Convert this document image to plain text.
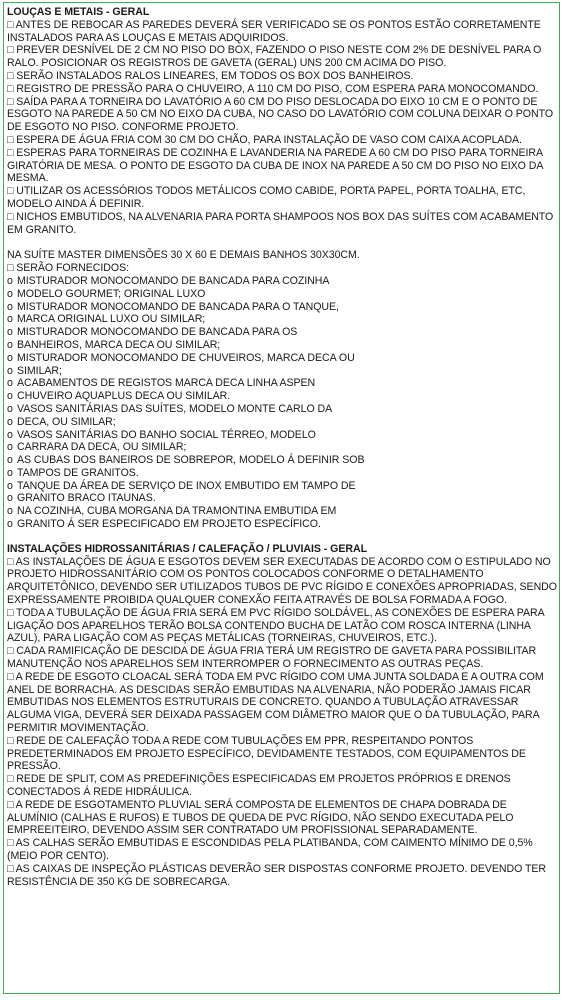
LOUÇAS E METAIS - GERAL
□ ANTES DE REBOCAR AS PAREDES DEVERÁ SER VERIFICADO SE OS PONTOS ESTÃO CORRETAMENTE INSTALADOS PARA AS LOUÇAS E METAIS ADQUIRIDOS.
□ PREVER DESNÍVEL DE 2 CM NO PISO DO BOX, FAZENDO O PISO NESTE COM 2% DE DESNÍVEL PARA O RALO. POSICIONAR OS REGISTROS DE GAVETA (GERAL) UNS 200 CM ACIMA DO PISO.
□ SERÃO INSTALADOS RALOS LINEARES, EM TODOS OS BOX DOS BANHEIROS.
□ REGISTRO DE PRESSÃO PARA O CHUVEIRO, A 110 CM DO PISO, COM ESPERA PARA MONOCOMANDO.
□ SAÍDA PARA A TORNEIRA DO LAVATÓRIO A 60 CM DO PISO DESLOCADA DO EIXO 10 CM E O PONTO DE ESGOTO NA PAREDE A 50 CM NO EIXO DA CUBA, NO CASO DO LAVATÓRIO COM COLUNA DEIXAR O PONTO DE ESGOTO NO PISO. CONFORME PROJETO.
□ ESPERA DE ÁGUA FRIA COM 30 CM DO CHÃO, PARA INSTALAÇÃO DE VASO COM CAIXA ACOPLADA.
□ ESPERAS PARA TORNEIRAS DE COZINHA E LAVANDERIA NA PAREDE A 60 CM DO PISO PARA TORNEIRA GIRATÓRIA DE MESA. O PONTO DE ESGOTO DA CUBA DE INOX NA PAREDE A 50 CM DO PISO NO EIXO DA MESMA.
□ UTILIZAR OS ACESSÓRIOS TODOS METÁLICOS COMO CABIDE, PORTA PAPEL, PORTA TOALHA, ETC, MODELO AINDA Á DEFINIR.
□ NICHOS EMBUTIDOS, NA ALVENARIA PARA PORTA SHAMPOOS NOS BOX DAS SUÍTES COM ACABAMENTO EM GRANITO.
NA SUÍTE MASTER DIMENSÕES 30 X 60 E DEMAIS BANHOS 30X30CM.
□ SERÃO FORNECIDOS:
o MISTURADOR MONOCOMANDO DE BANCADA PARA COZINHA
o MODELO GOURMET; ORIGINAL LUXO
o MISTURADOR MONOCOMANDO DE BANCADA PARA O TANQUE,
o MARCA ORIGINAL LUXO OU SIMILAR;
o MISTURADOR MONOCOMANDO DE BANCADA PARA OS
o BANHEIROS, MARCA DECA OU SIMILAR;
o MISTURADOR MONOCOMANDO DE CHUVEIROS, MARCA DECA OU
o SIMILAR;
o ACABAMENTOS DE REGISTOS MARCA DECA LINHA ASPEN
o CHUVEIRO AQUAPLUS DECA OU SIMILAR.
o VASOS SANITÁRIAS DAS SUÍTES, MODELO MONTE CARLO DA
o DECA, OU SIMILAR;
o VASOS SANITÁRIAS DO BANHO SOCIAL TÉRREO, MODELO
o CARRARA DA DECA, OU SIMILAR;
o AS CUBAS DOS BANEIROS DE SOBREPOR, MODELO Á DEFINIR SOB
o TAMPOS DE GRANITOS.
o TANQUE DA ÁREA DE SERVIÇO DE INOX EMBUTIDO EM TAMPO DE
o GRANITO BRACO ITAUNAS.
o NA COZINHA, CUBA MORGANA DA TRAMONTINA EMBUTIDA EM
o GRANITO Á SER ESPECIFICADO EM PROJETO ESPECÍFICO.
INSTALAÇÕES HIDROSSANITÁRIAS / CALEFAÇÃO / PLUVIAIS - GERAL
□ AS INSTALAÇÕES DE ÁGUA E ESGOTOS DEVEM SER EXECUTADAS DE ACORDO COM O ESTIPULADO NO PROJETO HIDROSSANITÁRIO COM OS PONTOS COLOCADOS CONFORME O DETALHAMENTO ARQUITETÔNICO, DEVENDO SER UTILIZADOS TUBOS DE PVC RÍGIDO E CONEXÕES APROPRIADAS, SENDO EXPRESSAMENTE PROIBIDA QUALQUER CONEXÃO FEITA ATRAVÉS DE BOLSA FORMADA A FOGO.
□ TODA A TUBULAÇÃO DE ÁGUA FRIA SERÁ EM PVC RÍGIDO SOLDÁVEL, AS CONEXÕES DE ESPERA PARA LIGAÇÃO DOS APARELHOS TERÃO BOLSA CONTENDO BUCHA DE LATÃO COM ROSCA INTERNA (LINHA AZUL), PARA LIGAÇÃO COM AS PEÇAS METÁLICAS (TORNEIRAS, CHUVEIROS, ETC.).
□ CADA RAMIFICAÇÃO DE DESCIDA DE ÁGUA FRIA TERÁ UM REGISTRO DE GAVETA PARA POSSIBILITAR MANUTENÇÃO NOS APARELHOS SEM INTERROMPER O FORNECIMENTO AS OUTRAS PEÇAS.
□ A REDE DE ESGOTO CLOACAL SERÁ TODA EM PVC RÍGIDO COM UMA JUNTA SOLDADA E A OUTRA COM ANEL DE BORRACHA. AS DESCIDAS SERÃO EMBUTIDAS NA ALVENARIA, NÃO PODERÃO JAMAIS FICAR EMBUTIDAS NOS ELEMENTOS ESTRUTURAIS DE CONCRETO. QUANDO A TUBULAÇÃO ATRAVESSAR ALGUMA VIGA, DEVERÁ SER DEIXADA PASSAGEM COM DIÂMETRO MAIOR QUE O DA TUBULAÇÃO, PARA PERMITIR MOVIMENTAÇÃO.
□ REDE DE CALEFAÇÃO TODA A REDE COM TUBULAÇÕES EM PPR, RESPEITANDO PONTOS PREDETERMINADOS EM PROJETO ESPECÍFICO, DEVIDAMENTE TESTADOS, COM EQUIPAMENTOS DE PRESSÃO.
□ REDE DE SPLIT, COM AS PREDEFINIÇÕES ESPECIFICADAS EM PROJETOS PRÓPRIOS E DRENOS CONECTADOS Á REDE HIDRÁULICA.
□ A REDE DE ESGOTAMENTO PLUVIAL SERÁ COMPOSTA DE ELEMENTOS DE CHAPA DOBRADA DE ALUMÍNIO (CALHAS E RUFOS) E TUBOS DE QUEDA DE PVC RÍGIDO, NÃO SENDO EXECUTADA PELO EMPREEITEIRO, DEVENDO ASSIM SER CONTRATADO UM PROFISSIONAL SEPARADAMENTE.
□ AS CALHAS SERÃO EMBUTIDAS E ESCONDIDAS PELA PLATIBANDA, COM CAIMENTO MÍNIMO DE 0,5% (MEIO POR CENTO).
□ AS CAIXAS DE INSPEÇÃO PLÁSTICAS DEVERÃO SER DISPOSTAS CONFORME PROJETO. DEVENDO TER RESISTÊNCIA DE 350 KG DE SOBRECARGA.
